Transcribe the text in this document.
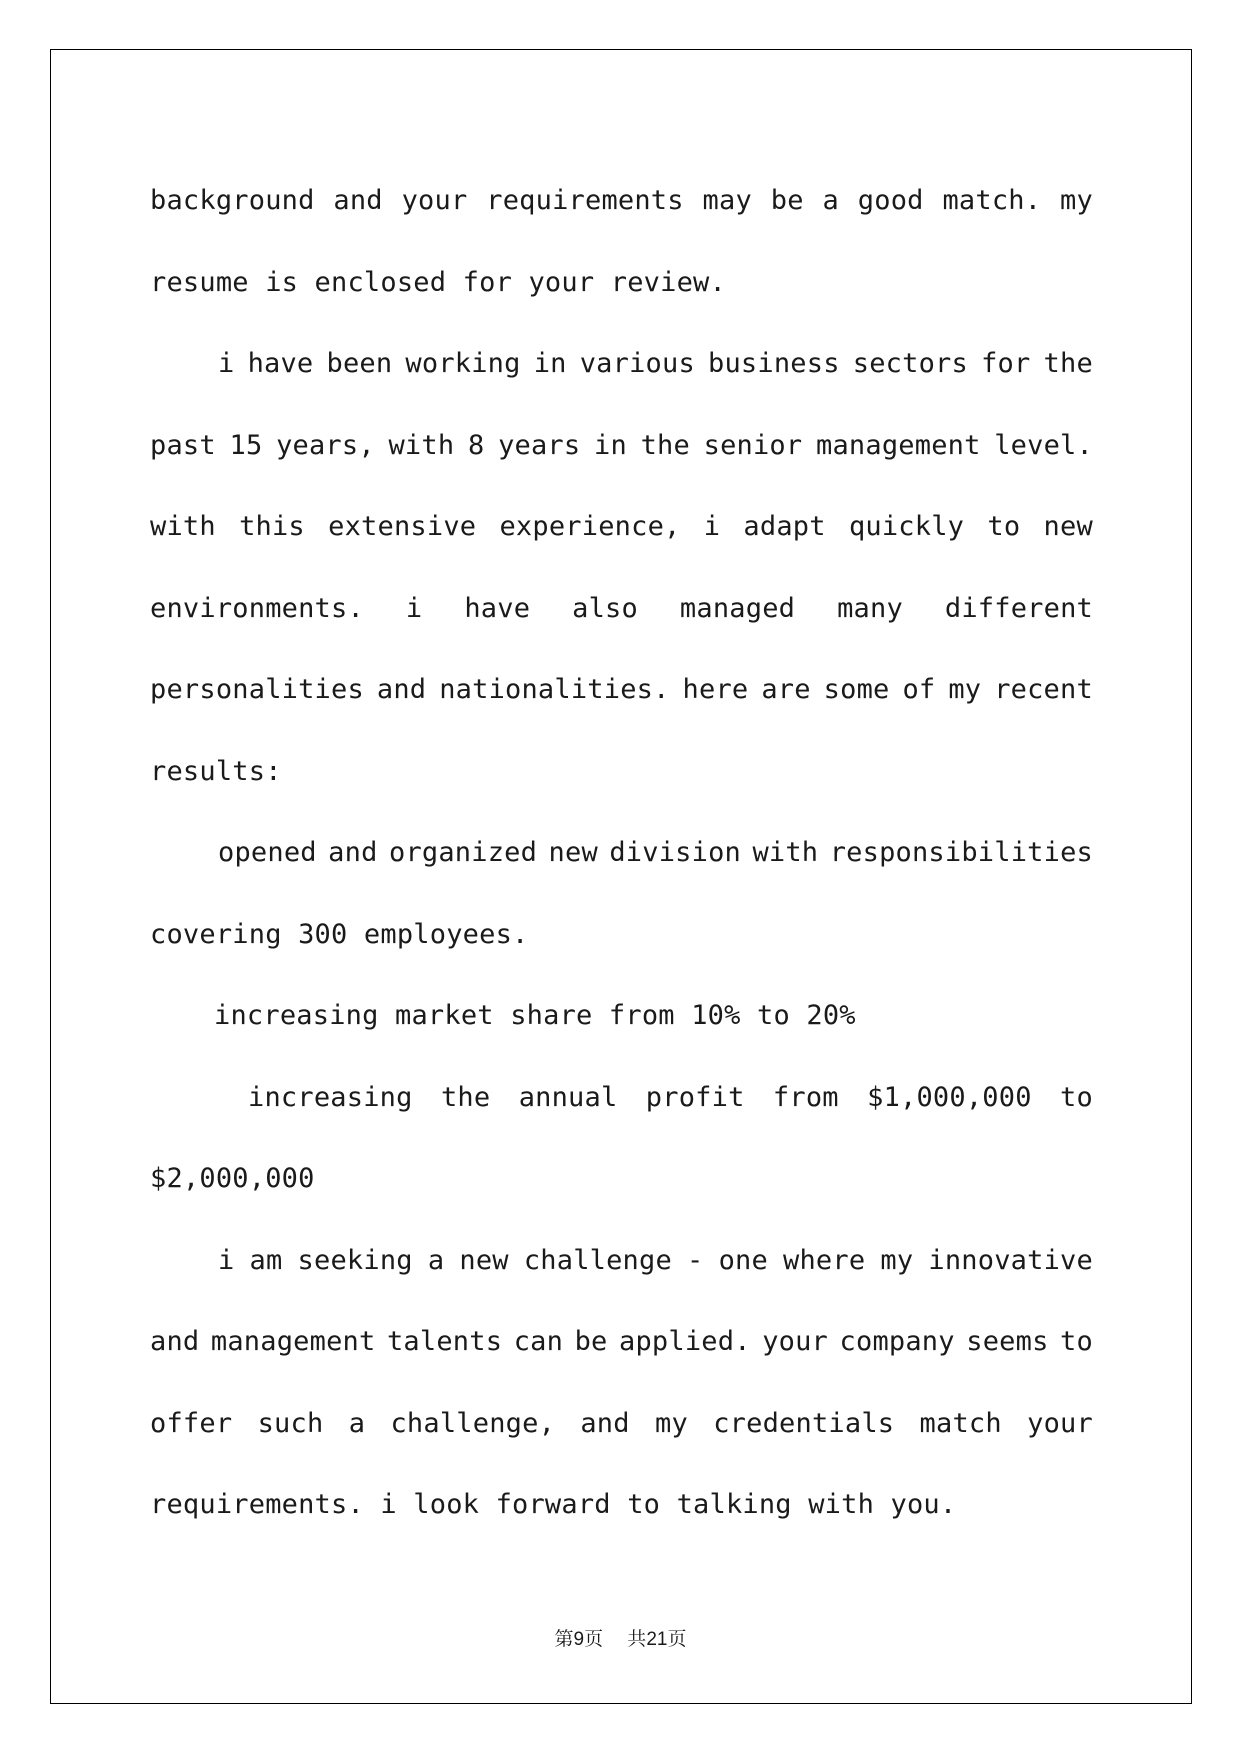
background and your requirements may be a good match. my
resume is enclosed for your review.
i have been working in various business sectors for the
past 15 years, with 8 years in the senior management level.
with this extensive experience, i adapt quickly to new
environments. i have also managed many different
personalities and nationalities. here are some of my recent
results:
opened and organized new division with responsibilities
covering 300 employees.
increasing market share from 10% to 20%
increasing the annual profit from $1,000,000 to
$2,000,000
i am seeking a new challenge - one where my innovative
and management talents can be applied. your company seems to
offer such a challenge, and my credentials match your
requirements. i look forward to talking with you.
第9页 共21页
